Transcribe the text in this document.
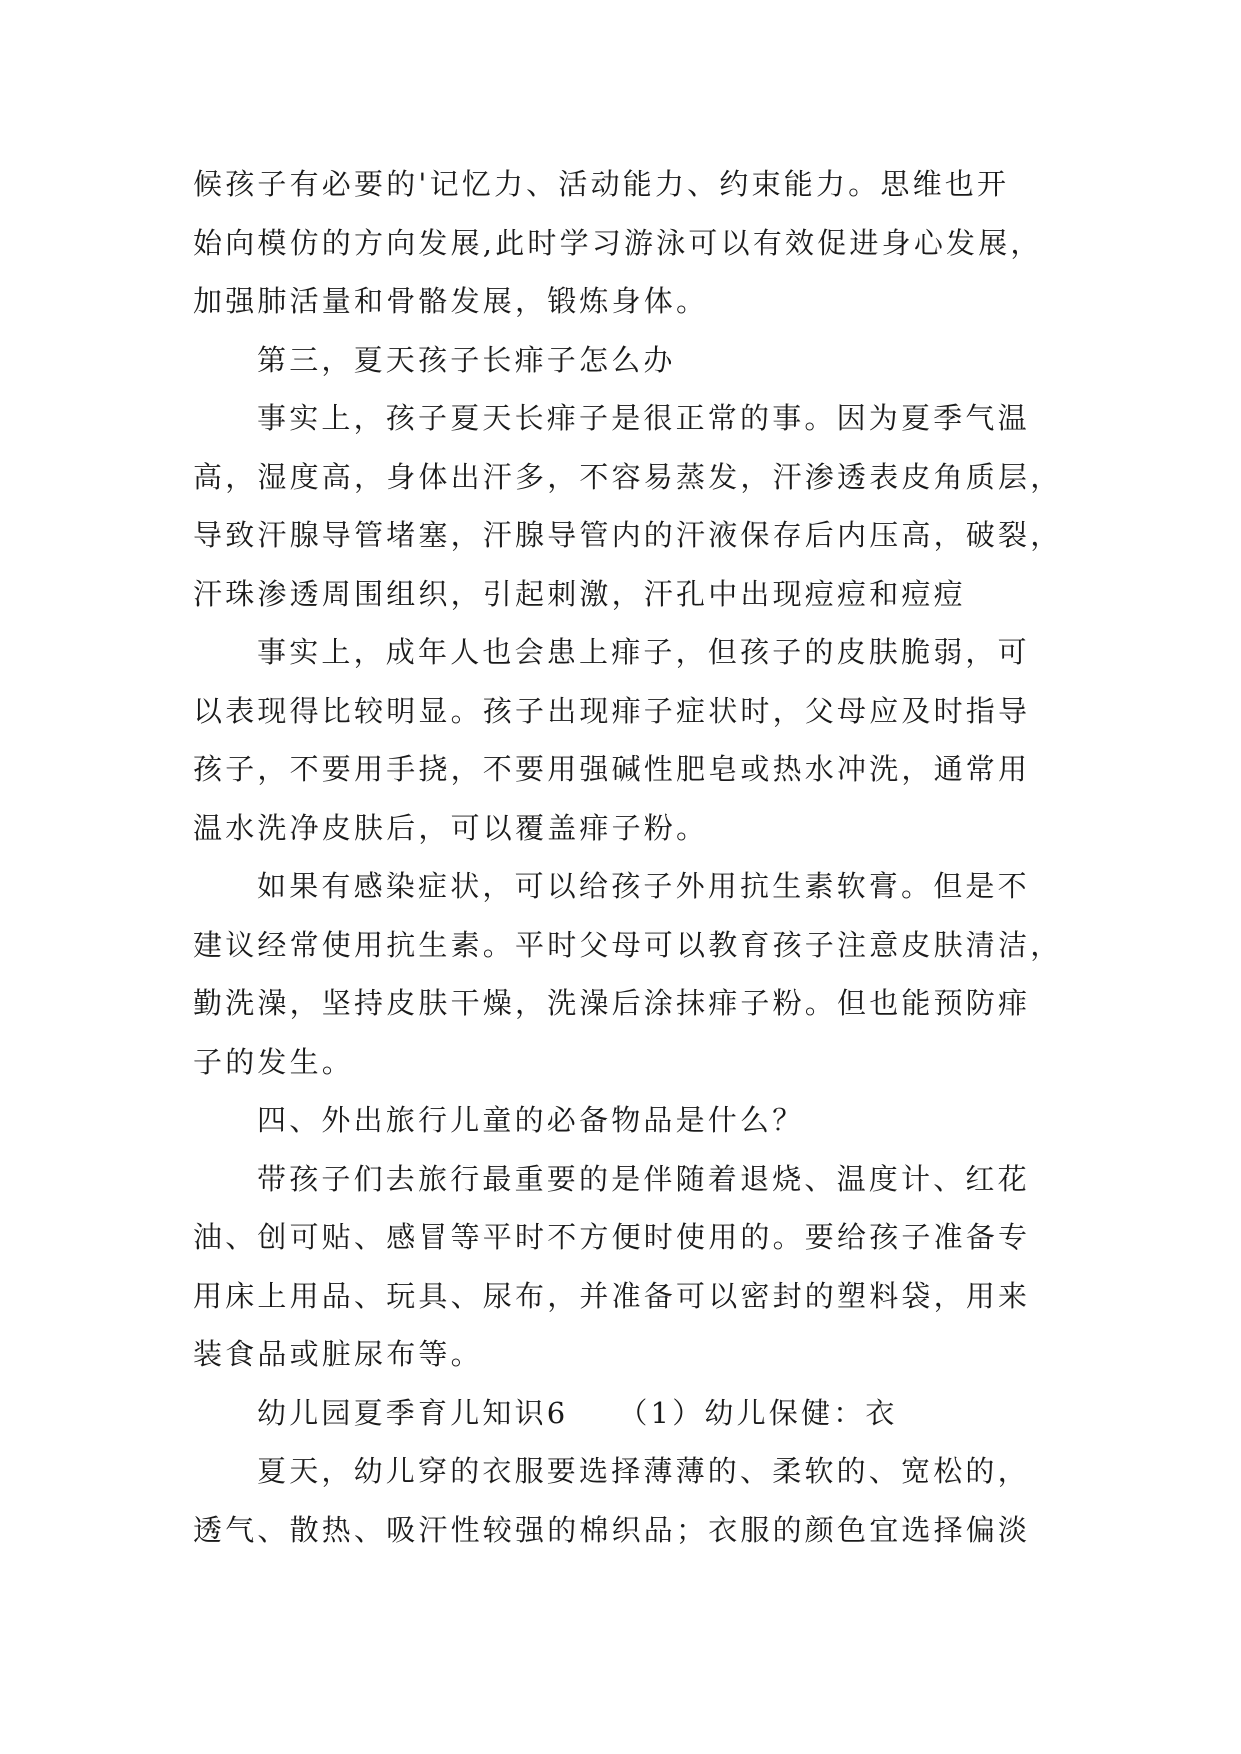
候孩子有必要的'记忆力、活动能力、约束能力。思维也开
始向模仿的方向发展,此时学习游泳可以有效促进身心发展，
加强肺活量和骨骼发展，锻炼身体。
第三，夏天孩子长痱子怎么办
事实上，孩子夏天长痱子是很正常的事。因为夏季气温
高，湿度高，身体出汗多，不容易蒸发，汗渗透表皮角质层，
导致汗腺导管堵塞，汗腺导管内的汗液保存后内压高，破裂，
汗珠渗透周围组织，引起刺激，汗孔中出现痘痘和痘痘
事实上，成年人也会患上痱子，但孩子的皮肤脆弱，可
以表现得比较明显。孩子出现痱子症状时，父母应及时指导
孩子，不要用手挠，不要用强碱性肥皂或热水冲洗，通常用
温水洗净皮肤后，可以覆盖痱子粉。
如果有感染症状，可以给孩子外用抗生素软膏。但是不
建议经常使用抗生素。平时父母可以教育孩子注意皮肤清洁，
勤洗澡，坚持皮肤干燥，洗澡后涂抹痱子粉。但也能预防痱
子的发生。
四、外出旅行儿童的必备物品是什么？
带孩子们去旅行最重要的是伴随着退烧、温度计、红花
油、创可贴、感冒等平时不方便时使用的。要给孩子准备专
用床上用品、玩具、尿布，并准备可以密封的塑料袋，用来
装食品或脏尿布等。
幼儿园夏季育儿知识6　　（1）幼儿保健：衣
夏天，幼儿穿的衣服要选择薄薄的、柔软的、宽松的，
透气、散热、吸汗性较强的棉织品；衣服的颜色宜选择偏淡
